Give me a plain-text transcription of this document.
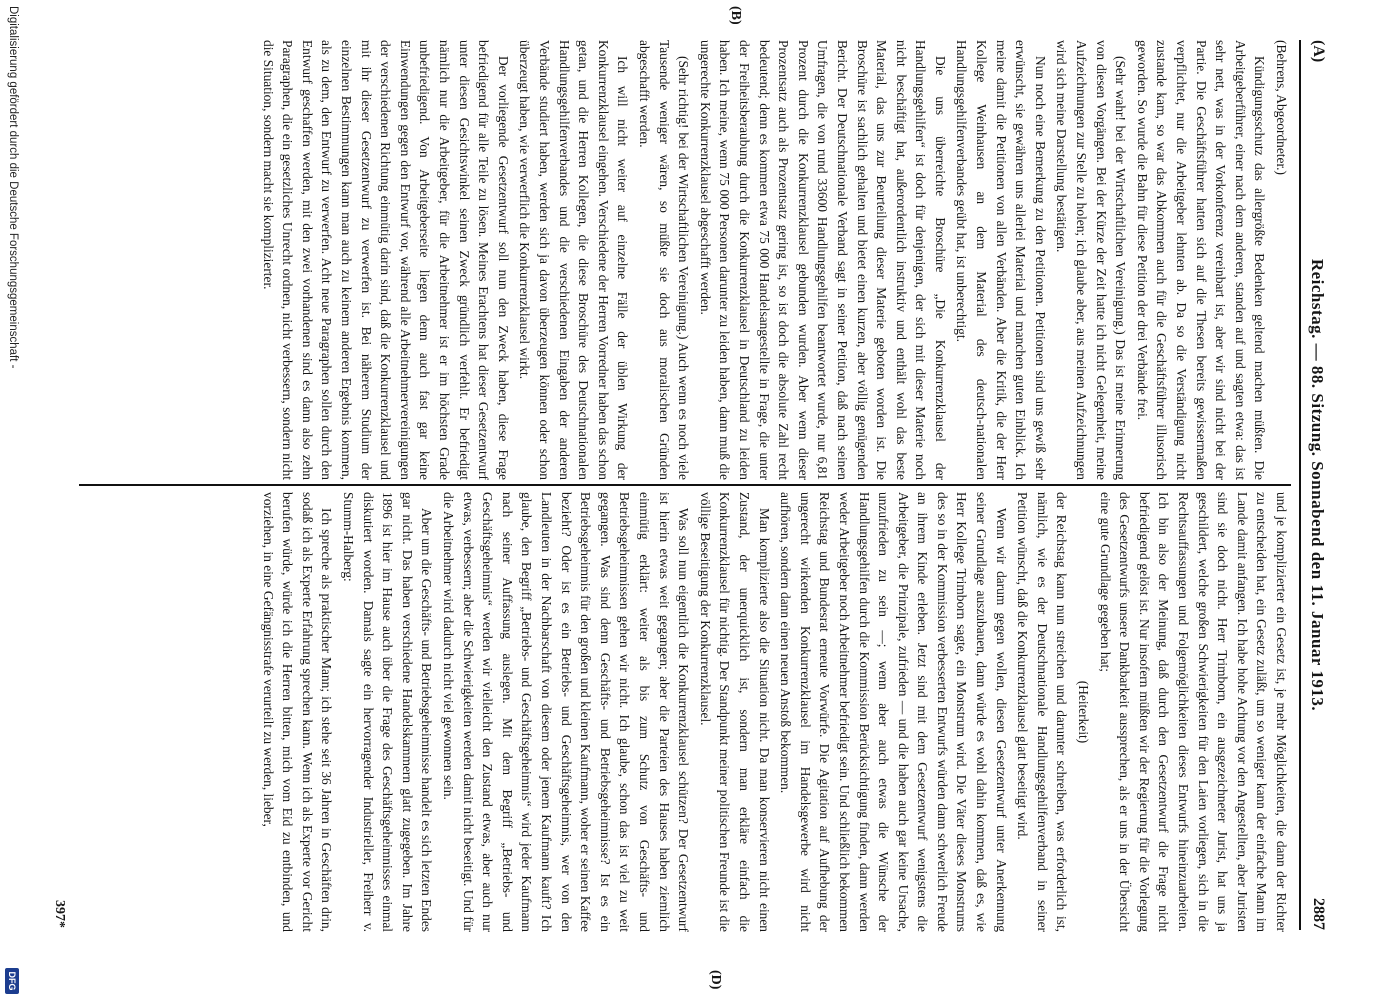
(A)
Reichstag. — 88. Sitzung. Sonnabend den 11. Januar 1913.
2887
(B)
(D)

(Behrens, Abgeordneter.)

Kündigungsschutz das allergrößte Bedenken geltend machen müßten. Die Arbeitgeberführer, einer nach dem anderen, standen auf und sagten etwa: das ist sehr nett, was in der Vorkonferenz vereinbart ist, aber wir sind nicht bei der Partie. Die Geschäftsführer hatten sich auf die Thesen bereits gewissermaßen verpflichtet, nur die Arbeitgeber lehnten ab. Da so die Verständigung nicht zustande kam, so war das Abkommen auch für die Geschäftsführer illusorisch geworden. So wurde die Bahn für diese Petition der drei Verbände frei.

(Sehr wahr! bei der Wirtschaftlichen Vereinigung.) Das ist meine Erinnerung von diesen Vorgängen. Bei der Kürze der Zeit hatte ich nicht Gelegenheit, meine Aufzeichnungen zur Stelle zu holen; ich glaube aber, aus meinen Aufzeichnungen wird sich meine Darstellung bestätigen.

Nun noch eine Bemerkung zu den Petitionen. Petitionen sind uns gewiß sehr erwünscht, sie gewähren uns allerlei Material und manchen guten Einblick. Ich meine damit die Petitionen von allen Verbänden. Aber die Kritik, die der Herr Kollege Weinhausen an dem Material des deutsch-nationalen Handlungsgehilfenverbandes geübt hat, ist unberechtigt.

Die uns überreichte Broschüre „Die Konkurrenzklausel der Handlungsgehilfen“ ist doch für denjenigen, der sich mit dieser Materie noch nicht beschäftigt hat, außerordentlich instruktiv und enthält wohl das beste Material, das uns zur Beurteilung dieser Materie geboten worden ist. Die Broschüre ist sachlich gehalten und bietet einen kurzen, aber völlig genügenden Bericht. Der Deutschnationale Verband sagt in seiner Petition, daß nach seinen Umfragen, die von rund 33600 Handlungsgehilfen beantwortet wurde, nur 6,81 Prozent durch die Konkurrenzklausel gebunden wurden. Aber wenn dieser Prozentsatz auch als Prozentsatz gering ist, so ist doch die absolute Zahl recht bedeutend; denn es kommen etwa 75 000 Handelsangestellte in Frage, die unter der Freiheitsberaubung durch die Konkurrenzklausel in Deutschland zu leiden haben. Ich meine, wenn 75 000 Personen darunter zu leiden haben, dann muß die ungerechte Konkurrenzklausel abgeschafft werden.

(Sehr richtig! bei der Wirtschaftlichen Vereinigung.) Auch wenn es noch viele Tausende weniger wären, so müßte sie doch aus moralischen Gründen abgeschafft werden.

Ich will nicht weiter auf einzelne Fälle der üblen Wirkung der Konkurrenzklausel eingehen. Verschiedene der Herren Vorredner haben das schon getan, und die Herren Kollegen, die diese Broschüre des Deutschnationalen Handlungsgehilfenverbandes und die verschiedenen Eingaben der anderen Verbände studiert haben, werden sich ja davon überzeugen können oder schon überzeugt haben, wie verwerflich die Konkurrenzklausel wirkt.

Der vorliegende Gesetzentwurf soll nun den Zweck haben, diese Frage befriedigend für alle Teile zu lösen. Meines Erachtens hat dieser Gesetzentwurf unter diesen Gesichtswinkel seinen Zweck gründlich verfehlt. Er befriedigt nämlich nur die Arbeitgeber, für die Arbeitnehmer ist er im höchsten Grade unbefriedigend. Von Arbeitgeberseite liegen denn auch fast gar keine Einwendungen gegen den Entwurf vor, während alle Arbeitnehmervereinigungen der verschiedenen Richtung einmütig darin sind, daß die Konkurrenzklausel und mit ihr dieser Gesetzentwurf zu verwerfen ist. Bei näherem Studium der einzelnen Bestimmungen kann man auch zu keinem anderen Ergebnis kommen, als zu dem, den Entwurf zu verwerfen. Acht neue Paragraphen sollen durch den Entwurf geschaffen werden, mit den zwei vorhandenen sind es dann also zehn Paragraphen, die ein gesetzliches Unrecht ordnen, nicht verbessern, sondern nicht die Situation, sondern macht sie komplizierter.

und je komplizierter ein Gesetz ist, je mehr Möglichkeiten, die dann der Richter zu entscheiden hat, ein Gesetz zuläßt, um so weniger kann der einfache Mann im Lande damit anfangen. Ich habe hohe Achtung vor den Angestellten, aber Juristen sind sie doch nicht. Herr Trimborn, ein ausgezeichneter Jurist, hat uns ja geschildert, welche großen Schwierigkeiten für den Laien vorliegen, sich in die Rechtsauffassungen und Folgemöglichkeiten dieses Entwurfs hineinzuarbeiten. Ich bin also der Meinung, daß durch den Gesetzentwurf die Frage nicht befriedigend gelöst ist. Nur insofern müßten wir der Regierung für die Vorlegung des Gesetzentwurfs unsere Dankbarkeit aussprechen, als er uns in der Übersicht eine gute Grundlage gegeben hat;

(Heiterkeit)

der Reichstag kann nun streichen und darunter schreiben, was erforderlich ist, nämlich, wie es der Deutschnationale Handlungsgehilfenverband in seiner Petition wünscht, daß die Konkurrenzklausel glatt beseitigt wird.

Wenn wir darum gegen wollen, diesen Gesetzentwurf unter Anerkennung seiner Grundlage auszubauen, dann würde es wohl dahin kommen, daß es, wie Herr Kollege Trimborn sagte, ein Monstrum wird. Die Väter dieses Monstrums des so in der Kommission verbesserten Entwurfs würden dann schwerlich Freude an ihrem Kinde erleben. Jetzt sind mit dem Gesetzentwurf wenigstens die Arbeitgeber, die Prinzipale, zufrieden — und die haben auch gar keine Ursache, unzufrieden zu sein —; wenn aber auch etwas die Wünsche der Handlungsgehilfen durch die Kommission Berücksichtigung finden, dann werden weder Arbeitgeber noch Arbeitnehmer befriedigt sein. Und schließlich bekommen Reichstag und Bundesrat erneute Vorwürfe. Die Agitation auf Aufhebung der ungerecht wirkenden Konkurrenzklausel im Handelsgewerbe wird nicht aufhören, sondern dann einen neuen Anstoß bekommen.

Man komplizierte also die Situation nicht. Da man konservieren nicht einen Zustand, der unerquicklich ist, sondern man erkläre einfach die Konkurrenzklausel für nichtig. Der Standpunkt meiner politischen Freunde ist die völlige Beseitigung der Konkurrenzklausel.

Was soll nun eigentlich die Konkurrenzklausel schützen? Der Gesetzentwurf ist hierin etwas weit gegangen; aber die Parteien des Hauses haben ziemlich einmütig erklärt: weiter als bis zum Schutz von Geschäfts- und Betriebsgeheimnissen gehen wir nicht. Ich glaube, schon das ist viel zu weit gegangen. Was sind denn Geschäfts- und Betriebsgeheimnisse? Ist es ein Betriebsgeheimnis für den großen und kleinen Kaufmann, woher er seinen Kaffee bezieht? Oder ist es ein Betriebs- und Geschäftsgeheimnis, wer von den Landleuten in der Nachbarschaft von diesem oder jenem Kaufmann kauft? Ich glaube, den Begriff „Betriebs- und Geschäftsgeheimnis“ wird jeder Kaufmann nach seiner Auffassung auslegen. Mit dem Begriff „Betriebs- und Geschäftsgeheimnis“ werden wir vielleicht den Zustand etwas, aber auch nur etwas, verbessern; aber die Schwierigkeiten werden damit nicht beseitigt. Und für die Arbeitnehmer wird dadurch nicht viel gewonnen sein.

Aber um die Geschäfts- und Betriebsgeheimnisse handelt es sich letzten Endes gar nicht. Das haben verschiedene Handelskammern glatt zugegeben. Im Jahre 1896 ist hier im Hause auch über die Frage des Geschäftsgeheimnisses einmal diskutiert worden. Damals sagte ein hervorragender Industrieller, Freiherr v. Stumm-Halberg:

Ich spreche als praktischer Mann; ich stehe seit 36 Jahren in Geschäften drin, sodaß ich als Experte Erfahrung sprechen kann. Wenn ich als Experte vor Gericht berufen würde, würde ich die Herren bitten, mich vom Eid zu entbinden, und vorziehen, in eine Gefängnisstrafe verurteilt zu werden, lieber,

397*
Digitalisierung gefördert durch die Deutsche Forschungsgemeinschaft -
DFG
